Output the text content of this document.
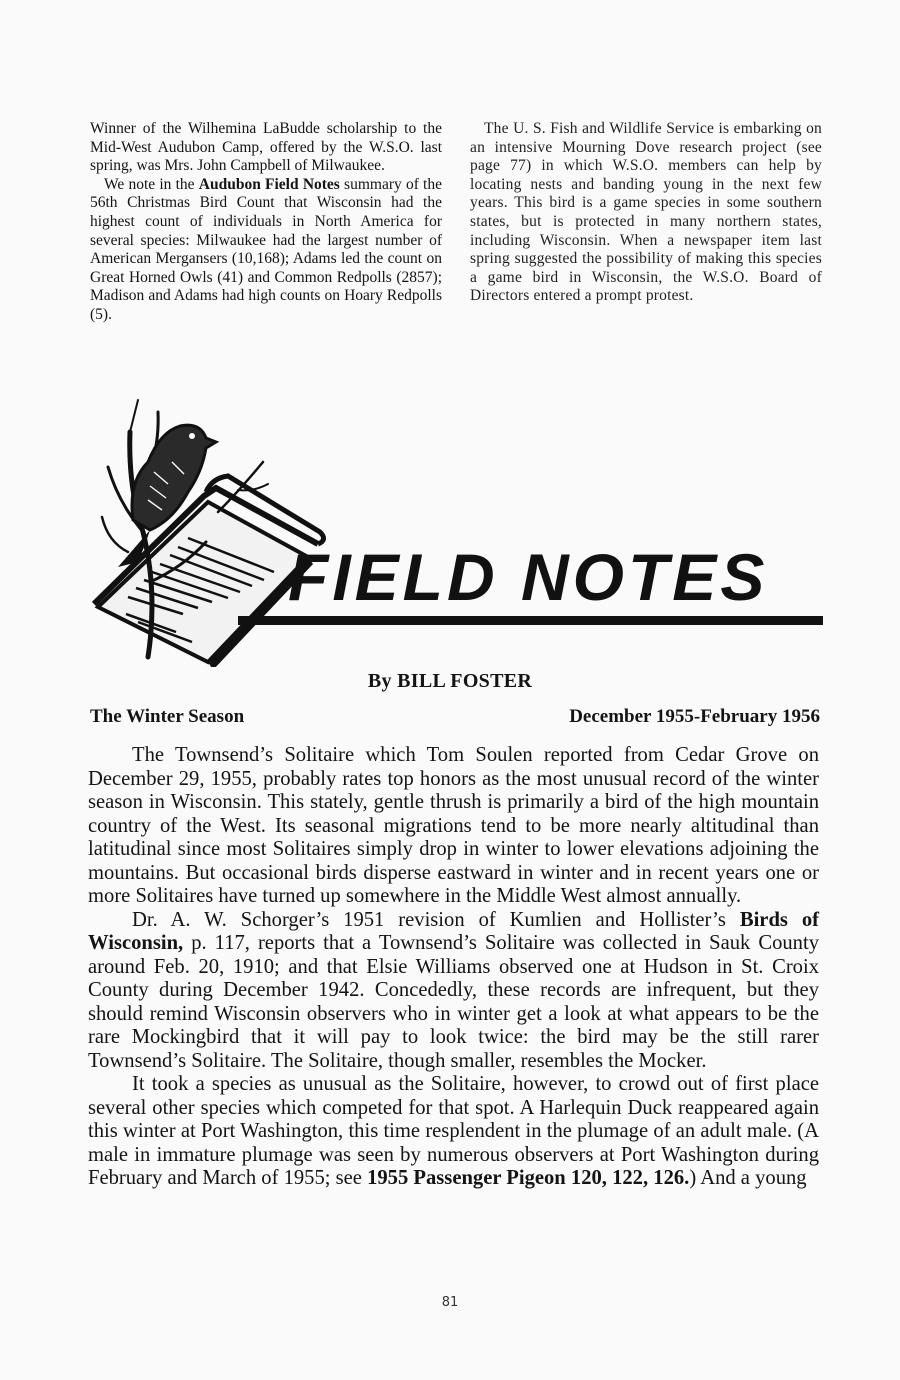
Winner of the Wilhemina LaBudde scholarship to the Mid-West Audubon Camp, offered by the W.S.O. last spring, was Mrs. John Campbell of Milwaukee.

We note in the Audubon Field Notes summary of the 56th Christmas Bird Count that Wisconsin had the highest count of individuals in North America for several species: Milwaukee had the largest number of American Mergansers (10,168); Adams led the count on Great Horned Owls (41) and Common Redpolls (2857); Madison and Adams had high counts on Hoary Redpolls (5).

The U. S. Fish and Wildlife Service is embarking on an intensive Mourning Dove research project (see page 77) in which W.S.O. members can help by locating nests and banding young in the next few years. This bird is a game species in some southern states, but is protected in many northern states, including Wisconsin. When a newspaper item last spring suggested the possibility of making this species a game bird in Wisconsin, the W.S.O. Board of Directors entered a prompt protest.

FIELD NOTES
By BILL FOSTER
The Winter Season	December 1955-February 1956

The Townsend’s Solitaire which Tom Soulen reported from Cedar Grove on December 29, 1955, probably rates top honors as the most unusual record of the winter season in Wisconsin. This stately, gentle thrush is primarily a bird of the high mountain country of the West. Its seasonal migrations tend to be more nearly altitudinal than latitudinal since most Solitaires simply drop in winter to lower elevations adjoining the mountains. But occasional birds disperse eastward in winter and in recent years one or more Solitaires have turned up somewhere in the Middle West almost annually.

Dr. A. W. Schorger’s 1951 revision of Kumlien and Hollister’s Birds of Wisconsin, p. 117, reports that a Townsend’s Solitaire was collected in Sauk County around Feb. 20, 1910; and that Elsie Williams observed one at Hudson in St. Croix County during December 1942. Concededly, these records are infrequent, but they should remind Wisconsin observers who in winter get a look at what appears to be the rare Mockingbird that it will pay to look twice: the bird may be the still rarer Townsend’s Solitaire. The Solitaire, though smaller, resembles the Mocker.

It took a species as unusual as the Solitaire, however, to crowd out of first place several other species which competed for that spot. A Harlequin Duck reappeared again this winter at Port Washington, this time resplendent in the plumage of an adult male. (A male in immature plumage was seen by numerous observers at Port Washington during February and March of 1955; see 1955 Passenger Pigeon 120, 122, 126.) And a young

81
